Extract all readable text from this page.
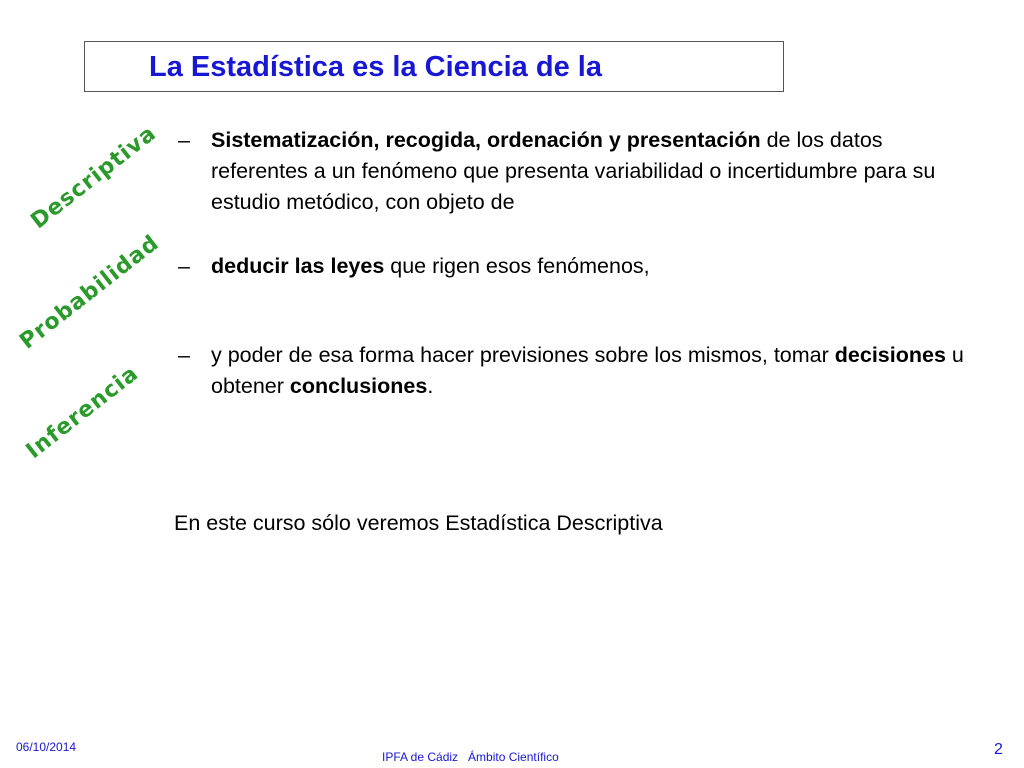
La Estadística es la Ciencia de la
Descriptiva
Probabilidad
Inferencia
– Sistematización, recogida, ordenación y presentación de los datos referentes a un fenómeno que presenta variabilidad o incertidumbre para su estudio metódico, con objeto de
– deducir las leyes que rigen esos fenómenos,
– y poder de esa forma hacer previsiones sobre los mismos, tomar decisiones u obtener conclusiones.
En este curso sólo veremos Estadística Descriptiva
06/10/2014
IPFA de Cádiz   Ámbito Científico	2
